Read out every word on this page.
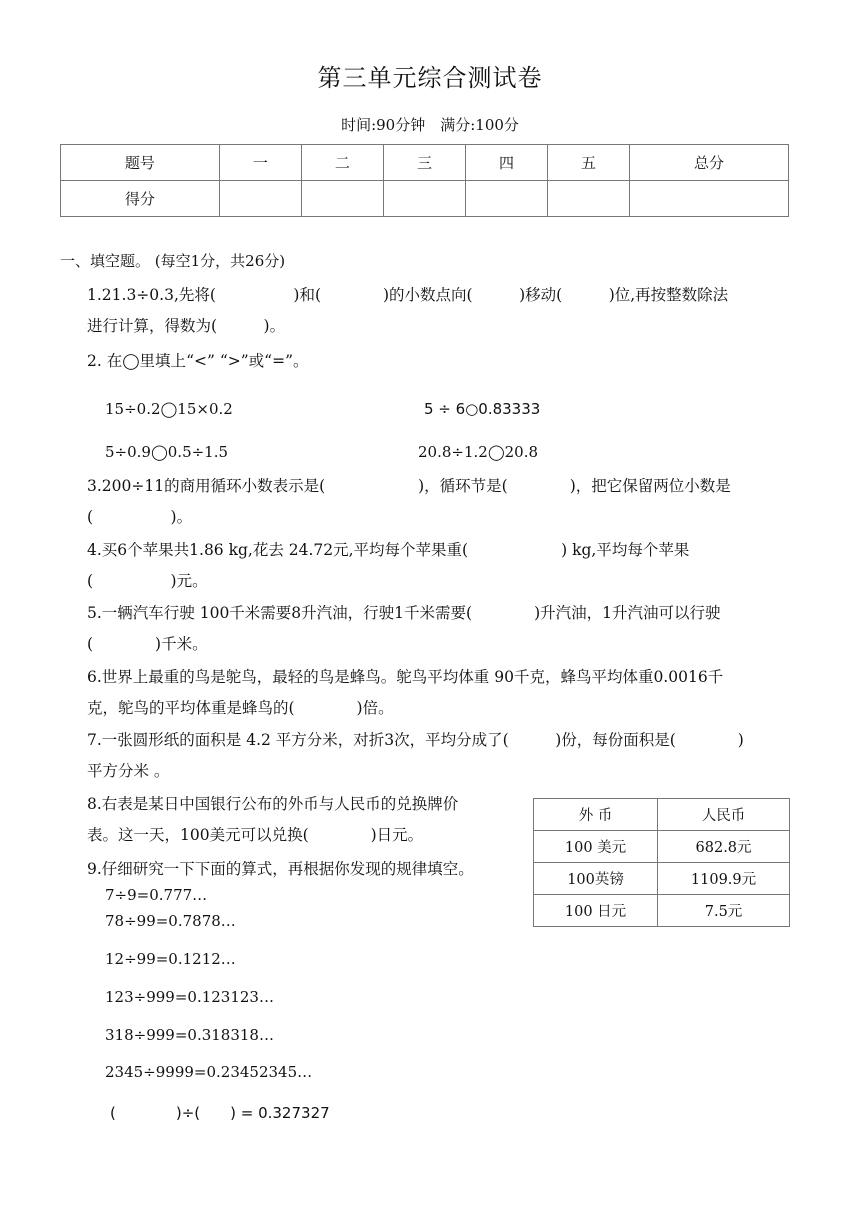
第三单元综合测试卷
时间:90分钟　满分:100分
题号	一	二	三	四	五	总分
得分						
一、填空题。 (每空1分，共26分)
1.21.3÷0.3,先将(　　　　　)和(　　　　)的小数点向(　　　)移动(　　　)位,再按整数除法
进行计算，得数为(　　　)。
2. 在◯里填上“<” “>”或“=”。
15÷0.2◯15×0.2	5 ÷ 6○0.83333
5÷0.9◯0.5÷1.5	20.8÷1.2◯20.8
3.200÷11的商用循环小数表示是(　　　　　　)，循环节是(　　　　)，把它保留两位小数是
(　　　　　)。
4.买6个苹果共1.86 kg,花去 24.72元,平均每个苹果重(　　　　　　) kg,平均每个苹果
(　　　　　)元。
5.一辆汽车行驶 100千米需要8升汽油，行驶1千米需要(　　　　)升汽油，1升汽油可以行驶
(　　　　)千米。
6.世界上最重的鸟是鸵鸟，最轻的鸟是蜂鸟。鸵鸟平均体重 90千克，蜂鸟平均体重0.0016千
克，鸵鸟的平均体重是蜂鸟的(　　　　)倍。
7.一张圆形纸的面积是 4.2 平方分米，对折3次，平均分成了(　　　)份，每份面积是(　　　　)
平方分米 。
8.右表是某日中国银行公布的外币与人民币的兑换牌价
表。这一天，100美元可以兑换(　　　　)日元。
外 币	人民币
100 美元	682.8元
100英镑	1109.9元
100 日元	7.5元
9.仔细研究一下下面的算式，再根据你发现的规律填空。
7÷9=0.777…
78÷99=0.7878…
12÷99=0.1212…
123÷999=0.123123…
318÷999=0.318318…
2345÷9999=0.23452345…
(　　　　)÷(　　) = 0.327327
